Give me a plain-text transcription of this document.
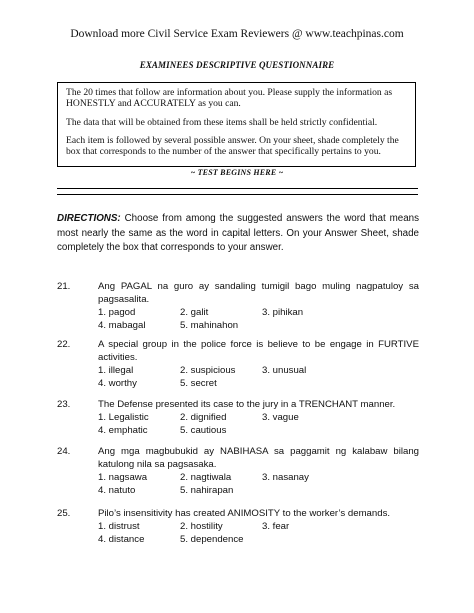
Download more Civil Service Exam Reviewers @ www.teachpinas.com
EXAMINEES DESCRIPTIVE QUESTIONNAIRE

The 20 times that follow are information about you. Please supply the information as HONESTLY and ACCURATELY as you can.

The data that will be obtained from these items shall be held strictly confidential.

Each item is followed by several possible answer. On your sheet, shade completely the box that corresponds to the number of the answer that specifically pertains to you.

~ TEST BEGINS HERE ~
DIRECTIONS: Choose from among the suggested answers the word that means most nearly the same as the word in capital letters. On your Answer Sheet, shade completely the box that corresponds to your answer.
21.	Ang PAGAL na guro ay sandaling tumigil bago muling nagpatuloy sa pagsasalita.
1. pagod	2. galit	3. pihikan
4. mabagal	5. mahinahon
22.	A special group in the police force is believe to be engage in FURTIVE activities.
1. illegal	2. suspicious	3. unusual
4. worthy	5. secret
23.	The Defense presented its case to the jury in a TRENCHANT manner.
1. Legalistic	2. dignified	3. vague
4. emphatic	5. cautious
24.	Ang mga magbubukid ay NABIHASA sa paggamit ng kalabaw bilang katulong nila sa pagsasaka.
1. nagsawa	2. nagtiwala	3. nasanay
4. natuto	5. nahirapan
25.	Pilo’s insensitivity has created ANIMOSITY to the worker’s demands.
1. distrust	2. hostility	3. fear
4. distance	5. dependence
